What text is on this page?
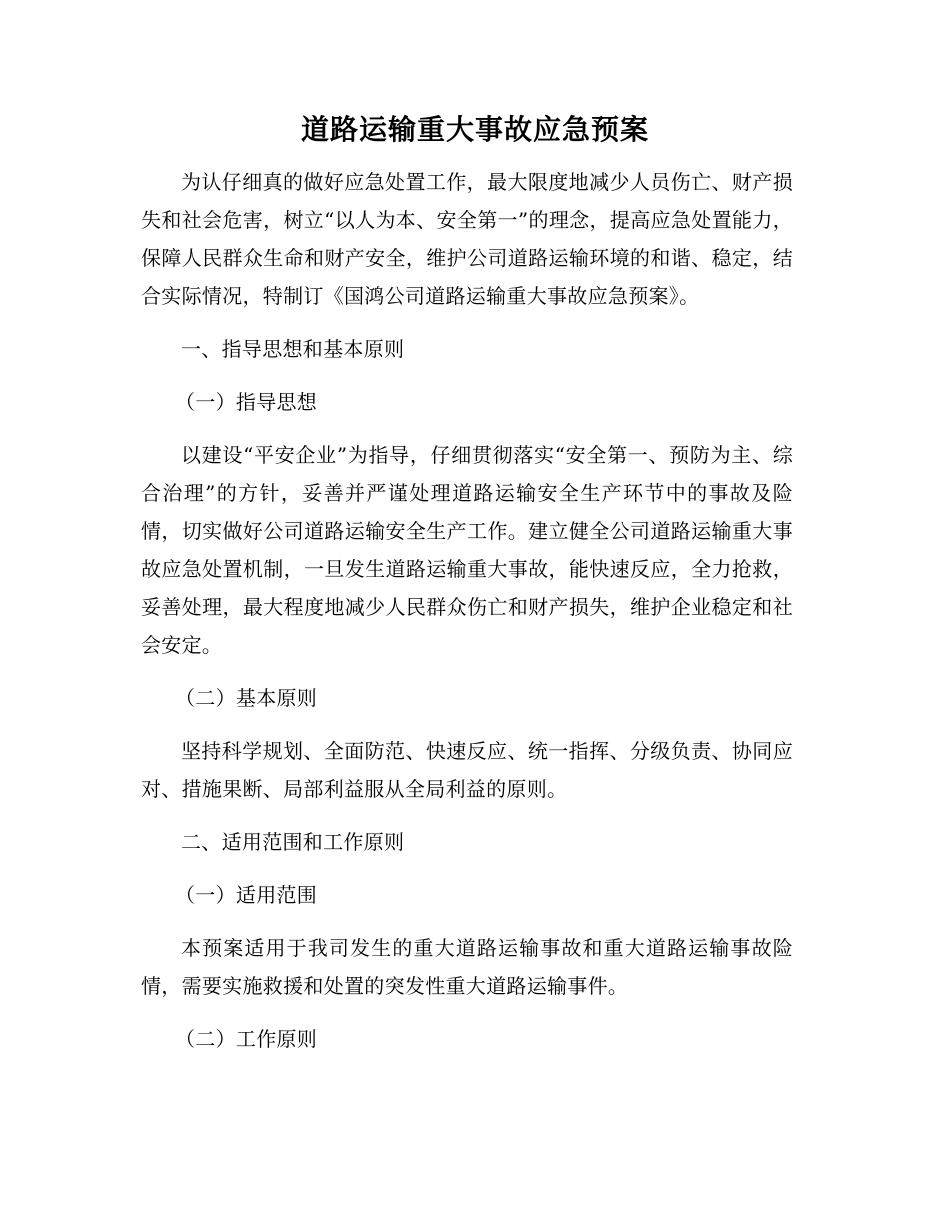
道路运输重大事故应急预案

为认仔细真的做好应急处置工作，最大限度地减少人员伤亡、财产损失和社会危害，树立“以人为本、安全第一”的理念，提高应急处置能力，保障人民群众生命和财产安全，维护公司道路运输环境的和谐、稳定，结合实际情况，特制订《国鸿公司道路运输重大事故应急预案》。

一、指导思想和基本原则

（一）指导思想

以建设“平安企业”为指导，仔细贯彻落实“安全第一、预防为主、综合治理”的方针，妥善并严谨处理道路运输安全生产环节中的事故及险情，切实做好公司道路运输安全生产工作。建立健全公司道路运输重大事故应急处置机制，一旦发生道路运输重大事故，能快速反应，全力抢救，妥善处理，最大程度地减少人民群众伤亡和财产损失，维护企业稳定和社会安定。

（二）基本原则

坚持科学规划、全面防范、快速反应、统一指挥、分级负责、协同应对、措施果断、局部利益服从全局利益的原则。

二、适用范围和工作原则

（一）适用范围

本预案适用于我司发生的重大道路运输事故和重大道路运输事故险情，需要实施救援和处置的突发性重大道路运输事件。

（二）工作原则
